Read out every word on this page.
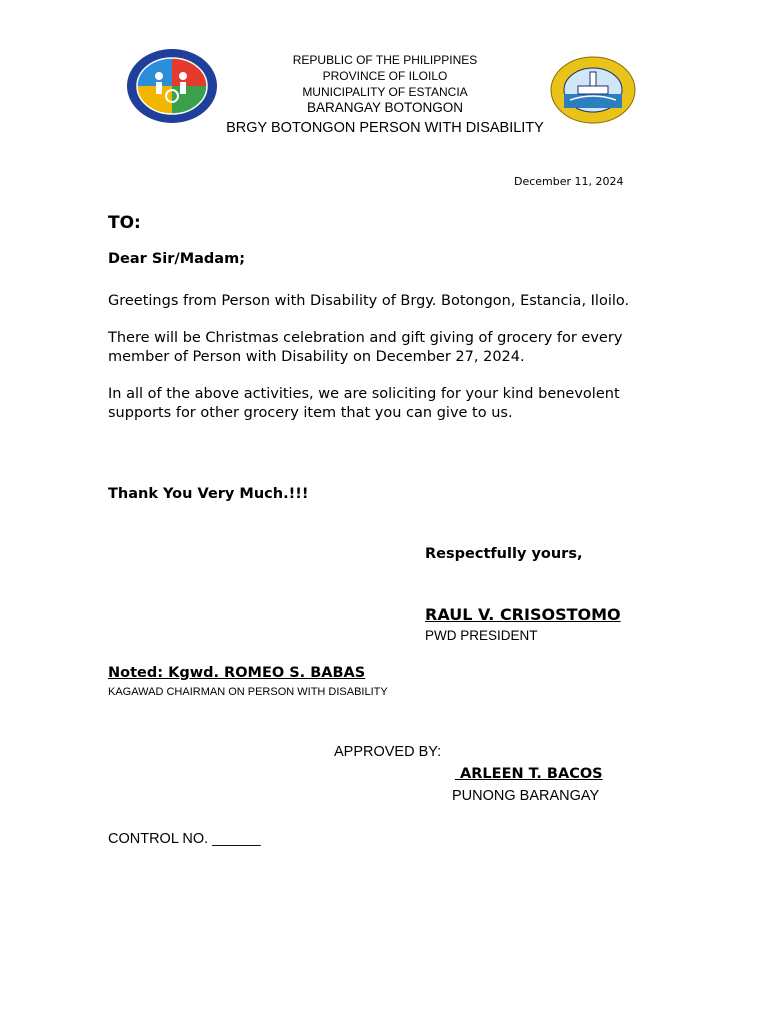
REPUBLIC OF THE PHILIPPINES
PROVINCE OF ILOILO
MUNICIPALITY OF ESTANCIA
BARANGAY BOTONGON
BRGY BOTONGON PERSON WITH DISABILITY
December 11, 2024
TO:
Dear Sir/Madam;
Greetings from Person with Disability of Brgy. Botongon, Estancia, Iloilo.
There will be Christmas celebration and gift giving of grocery for every member of Person with Disability on December 27, 2024.
In all of the above activities, we are soliciting for your kind benevolent supports for other grocery item that you can give to us.
Thank You Very Much.!!!
Respectfully yours,
RAUL V. CRISOSTOMO
PWD PRESIDENT
Noted: Kgwd. ROMEO S. BABAS
KAGAWAD CHAIRMAN ON PERSON WITH DISABILITY
APPROVED BY:
ARLEEN T. BACOS
PUNONG BARANGAY
CONTROL NO. ______
